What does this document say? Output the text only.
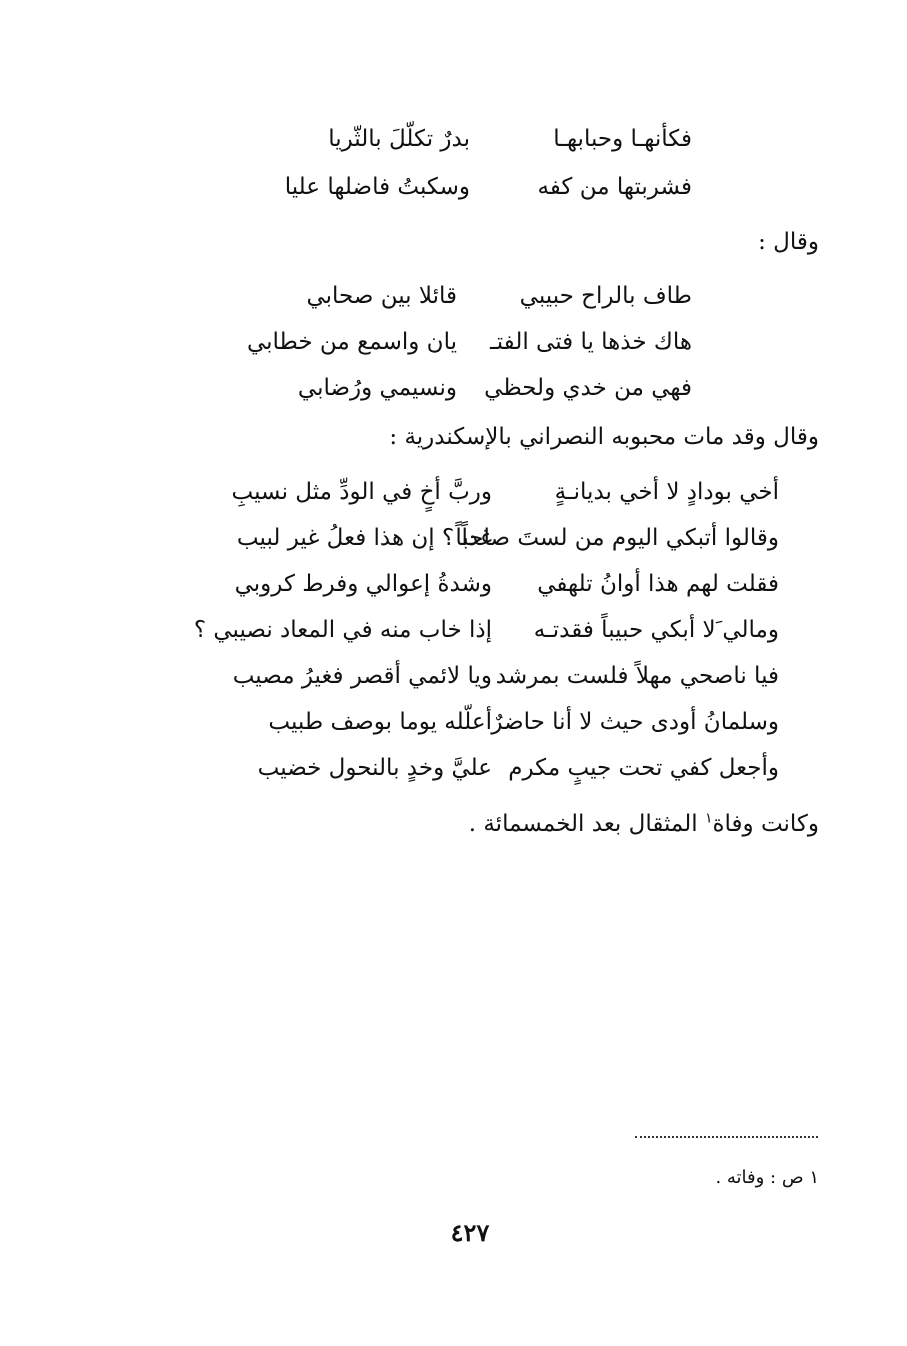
فكأنهـا وحبابهـا
بدرٌ تكلّلَ بالثّريا
فشربتها من كفه
وسكبتُ فاضلها عليا
وقال :
طاف بالراح حبيبي
قائلا بين صحابي
هاك خذها يا فتى الفتـ
يان واسمع من خطابي
فهي من خدي ولحظي
ونسيمي ورُضابي
وقال وقد مات محبوبه النصراني بالإسكندرية :
أخي بودادٍ لا أخي بديانـةٍ
وربَّ أخٍ في الودِّ مثل نسيبِ
وقالوا أتبكي اليوم من لستَ صاحباً
غداً ؟ إن هذا فعلُ غير لبيب
فقلت لهم هذا أوانُ تلهفي
وشدةُ إعوالي وفرط كروبي
ومالي َلا أبكي حبيباً فقدتـه
إذا خاب منه في المعاد نصيبي ؟
فيا ناصحي مهلاً فلست بمرشد
ويا لائمي أقصر فغيرُ مصيب
وسلمانُ أودى حيث لا أنا حاضرٌ
أعلّله يوما بوصف طبيب
وأجعل كفي تحت جيبٍ مكرم
عليَّ وخدٍ بالنحول خضيب
وكانت وفاة$^١$ المثقال بعد الخمسمائة .
١ ص : وفاته .
٤٢٧
